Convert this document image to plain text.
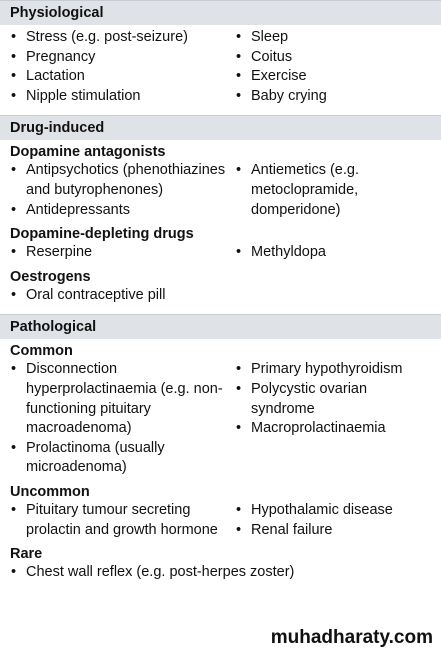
Physiological
• Stress (e.g. post-seizure)
• Pregnancy
• Lactation
• Nipple stimulation
• Sleep
• Coitus
• Exercise
• Baby crying
Drug-induced
Dopamine antagonists
• Antipsychotics (phenothiazines and butyrophenones)
• Antidepressants
• Antiemetics (e.g. metoclopramide, domperidone)
Dopamine-depleting drugs
• Reserpine
•	Methyldopa
Oestrogens
• Oral contraceptive pill
Pathological
Common
• Disconnection hyperprolactinaemia (e.g. non-functioning pituitary macroadenoma)
• Prolactinoma (usually microadenoma)
• Primary hypothyroidism
• Polycystic ovarian syndrome
• Macroprolactinaemia
Uncommon
• Pituitary tumour secreting prolactin and growth hormone
• Hypothalamic disease
• Renal failure
Rare
• Chest wall reflex (e.g. post-herpes zoster)
muhadharaty.com
